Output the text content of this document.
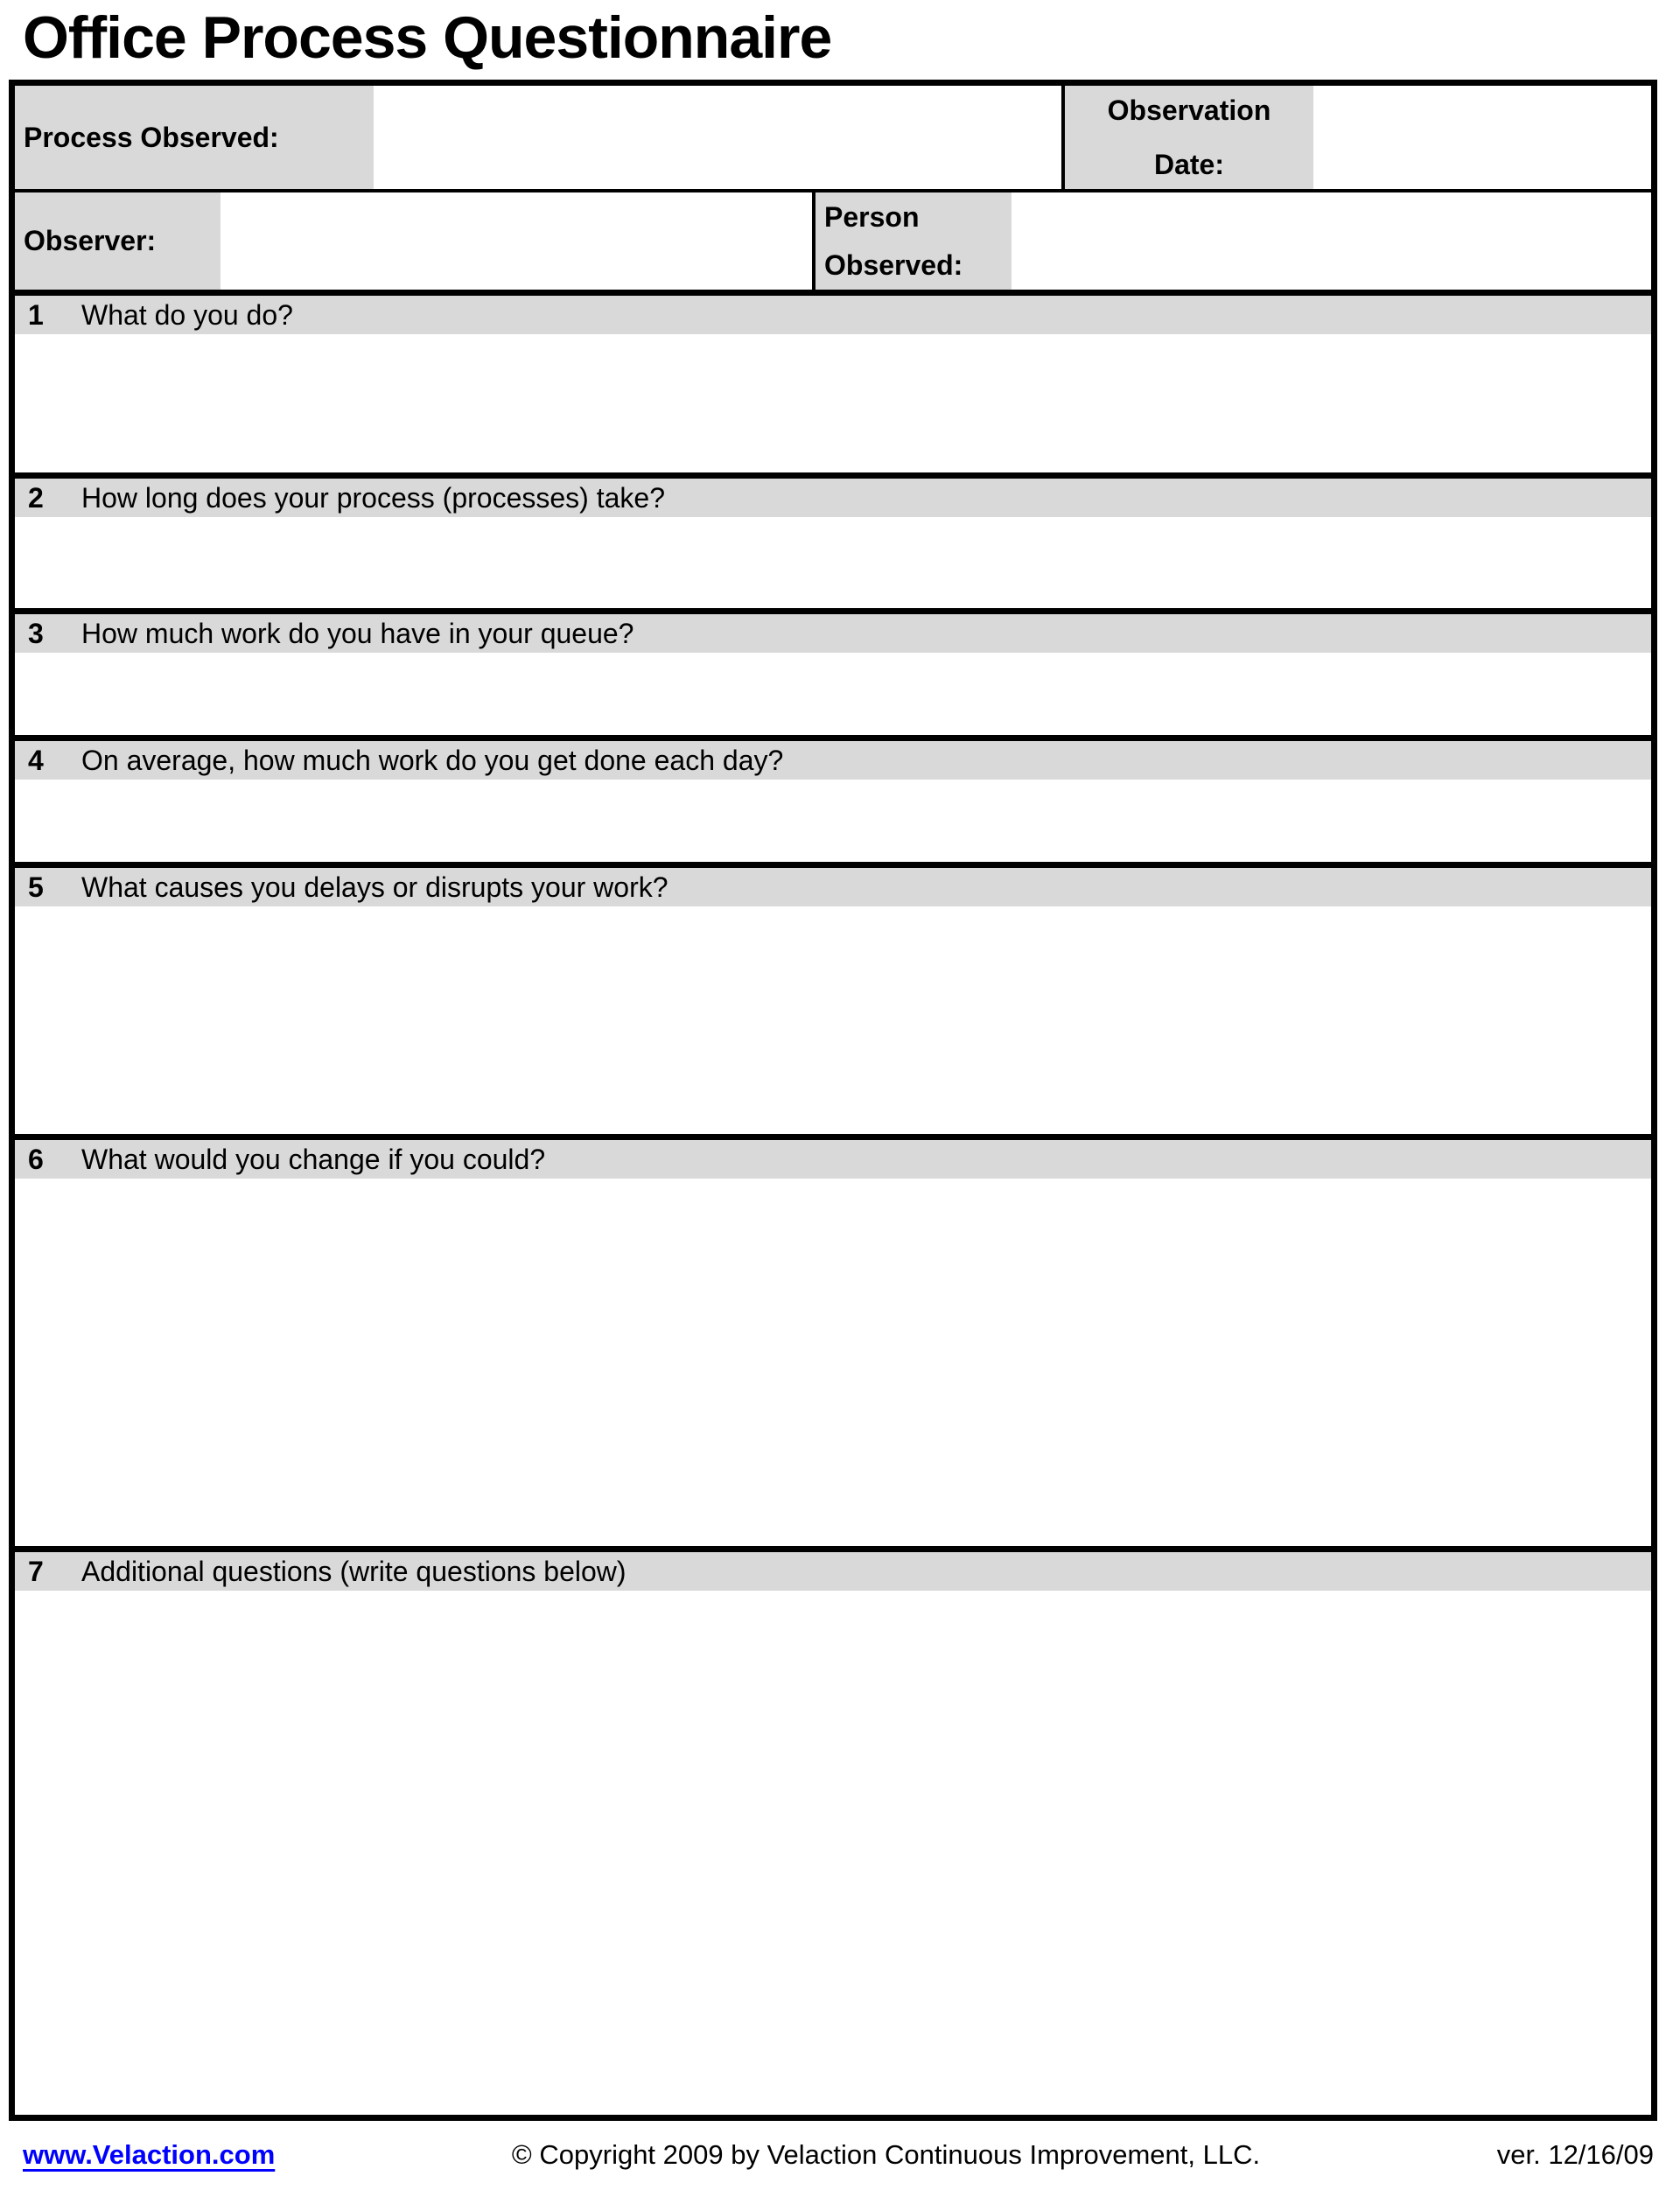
Office Process Questionnaire
Process Observed:
Observation Date:
Observer:
Person Observed:
1	What do you do?
2	How long does your process (processes) take?
3	How much work do you have in your queue?
4	On average, how much work do you get done each day?
5	What causes you delays or disrupts your work?
6	What would you change if you could?
7	Additional questions (write questions below)
www.Velaction.com	© Copyright 2009 by Velaction Continuous Improvement, LLC.	ver. 12/16/09
